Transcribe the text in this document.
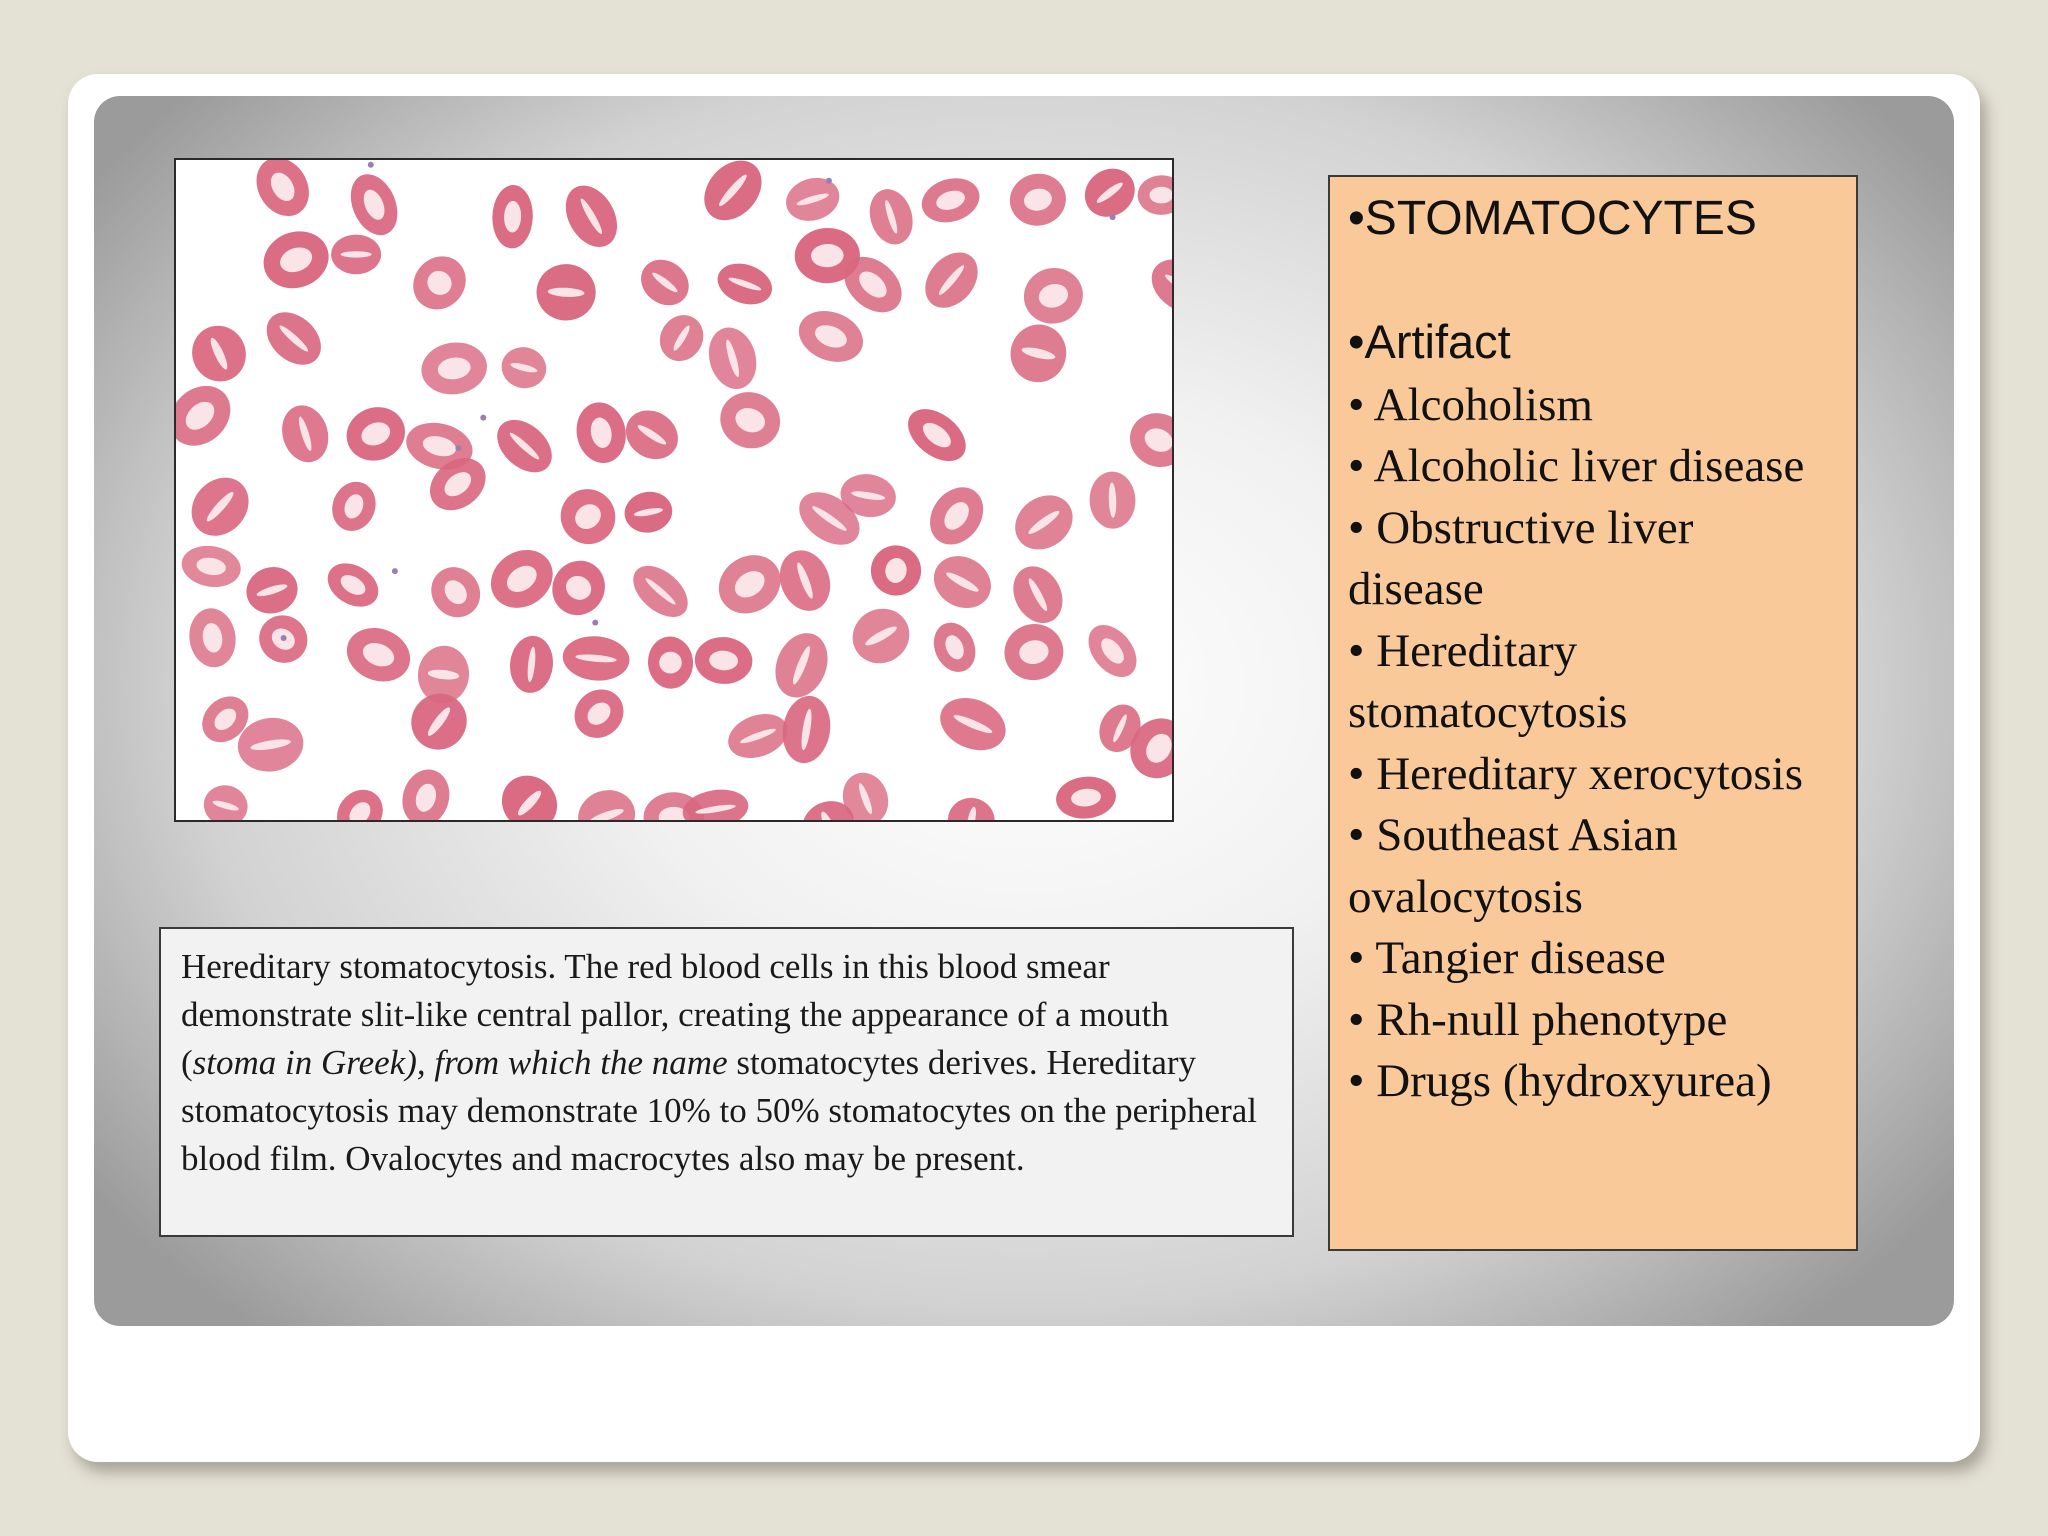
Hereditary stomatocytosis. The red blood cells in this blood smear demonstrate slit-like central pallor, creating the appearance of a mouth (stoma in Greek), from which the name stomatocytes derives. Hereditary stomatocytosis may demonstrate 10% to 50% stomatocytes on the peripheral blood film. Ovalocytes and macrocytes also may be present.

•STOMATOCYTES
•Artifact
• Alcoholism
• Alcoholic liver disease
• Obstructive liver disease
• Hereditary stomatocytosis
• Hereditary xerocytosis
• Southeast Asian ovalocytosis
• Tangier disease
• Rh-null phenotype
• Drugs (hydroxyurea)
